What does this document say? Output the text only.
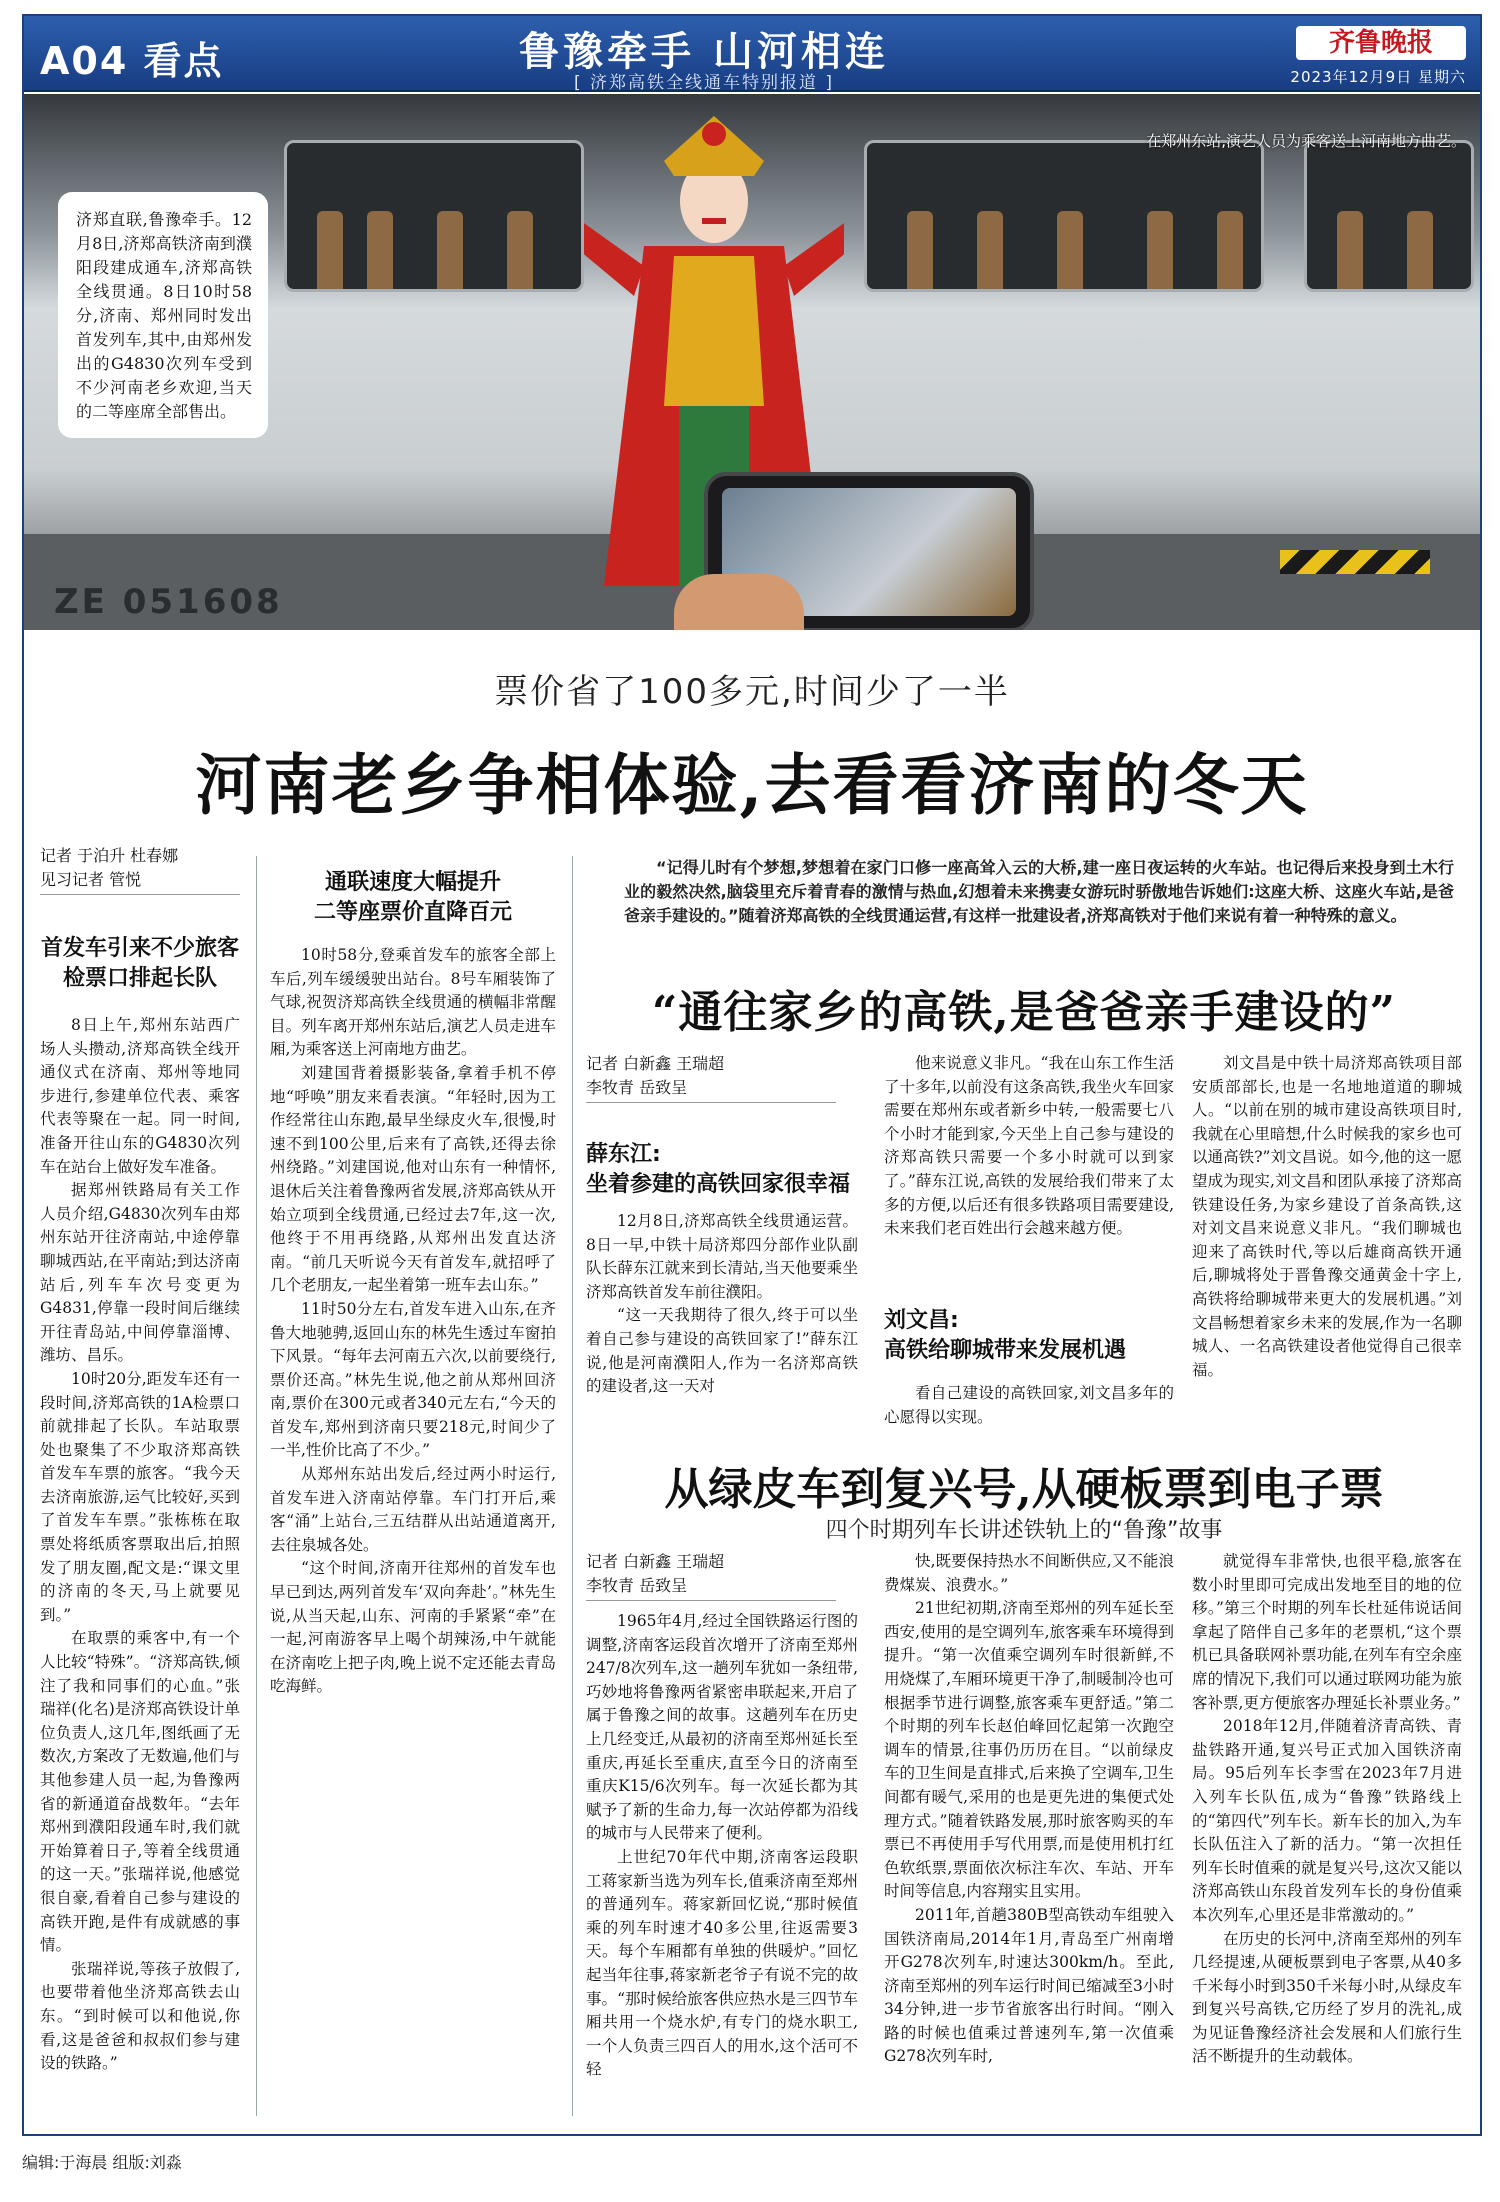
A04 看点	鲁豫牵手 山河相连
[ 济郑高铁全线通车特别报道 ]
齐鲁晚报
2023年12月9日 星期六
ZE 051608
在郑州东站,演艺人员为乘客送上河南地方曲艺。
济郑直联,鲁豫牵手。12月8日,济郑高铁济南到濮阳段建成通车,济郑高铁全线贯通。8日10时58分,济南、郑州同时发出首发列车,其中,由郑州发出的G4830次列车受到不少河南老乡欢迎,当天的二等座席全部售出。
票价省了100多元,时间少了一半
河南老乡争相体验,去看看济南的冬天
记者 于泊升 杜春娜
见习记者 管悦
首发车引来不少旅客
检票口排起长队

8日上午,郑州东站西广场人头攒动,济郑高铁全线开通仪式在济南、郑州等地同步进行,参建单位代表、乘客代表等聚在一起。同一时间,准备开往山东的G4830次列车在站台上做好发车准备。

据郑州铁路局有关工作人员介绍,G4830次列车由郑州东站开往济南站,中途停靠聊城西站,在平南站;到达济南站后,列车车次号变更为G4831,停靠一段时间后继续开往青岛站,中间停靠淄博、潍坊、昌乐。

10时20分,距发车还有一段时间,济郑高铁的1A检票口前就排起了长队。车站取票处也聚集了不少取济郑高铁首发车车票的旅客。“我今天去济南旅游,运气比较好,买到了首发车车票。”张栋栋在取票处将纸质客票取出后,拍照发了朋友圈,配文是:“课文里的济南的冬天,马上就要见到。”

在取票的乘客中,有一个人比较“特殊”。“济郑高铁,倾注了我和同事们的心血。”张瑞祥(化名)是济郑高铁设计单位负责人,这几年,图纸画了无数次,方案改了无数遍,他们与其他参建人员一起,为鲁豫两省的新通道奋战数年。“去年郑州到濮阳段通车时,我们就开始算着日子,等着全线贯通的这一天。”张瑞祥说,他感觉很自豪,看着自己参与建设的高铁开跑,是件有成就感的事情。

张瑞祥说,等孩子放假了,也要带着他坐济郑高铁去山东。“到时候可以和他说,你看,这是爸爸和叔叔们参与建设的铁路。”

通联速度大幅提升
二等座票价直降百元

10时58分,登乘首发车的旅客全部上车后,列车缓缓驶出站台。8号车厢装饰了气球,祝贺济郑高铁全线贯通的横幅非常醒目。列车离开郑州东站后,演艺人员走进车厢,为乘客送上河南地方曲艺。

刘建国背着摄影装备,拿着手机不停地“呼唤”朋友来看表演。“年轻时,因为工作经常往山东跑,最早坐绿皮火车,很慢,时速不到100公里,后来有了高铁,还得去徐州绕路。”刘建国说,他对山东有一种情怀,退休后关注着鲁豫两省发展,济郑高铁从开始立项到全线贯通,已经过去7年,这一次,他终于不用再绕路,从郑州出发直达济南。“前几天听说今天有首发车,就招呼了几个老朋友,一起坐着第一班车去山东。”

11时50分左右,首发车进入山东,在齐鲁大地驰骋,返回山东的林先生透过车窗拍下风景。“每年去河南五六次,以前要绕行,票价还高。”林先生说,他之前从郑州回济南,票价在300元或者340元左右,“今天的首发车,郑州到济南只要218元,时间少了一半,性价比高了不少。”

从郑州东站出发后,经过两小时运行,首发车进入济南站停靠。车门打开后,乘客“涌”上站台,三五结群从出站通道离开,去往泉城各处。

“这个时间,济南开往郑州的首发车也早已到达,两列首发车‘双向奔赴’。”林先生说,从当天起,山东、河南的手紧紧“牵”在一起,河南游客早上喝个胡辣汤,中午就能在济南吃上把子肉,晚上说不定还能去青岛吃海鲜。

“记得儿时有个梦想,梦想着在家门口修一座高耸入云的大桥,建一座日夜运转的火车站。也记得后来投身到土木行业的毅然决然,脑袋里充斥着青春的激情与热血,幻想着未来携妻女游玩时骄傲地告诉她们:这座大桥、这座火车站,是爸爸亲手建设的。”随着济郑高铁的全线贯通运营,有这样一批建设者,济郑高铁对于他们来说有着一种特殊的意义。
“通往家乡的高铁,是爸爸亲手建设的”
记者 白新鑫 王瑞超
李牧青 岳致呈
薛东江:
坐着参建的高铁回家很幸福

12月8日,济郑高铁全线贯通运营。8日一早,中铁十局济郑四分部作业队副队长薛东江就来到长清站,当天他要乘坐济郑高铁首发车前往濮阳。

“这一天我期待了很久,终于可以坐着自己参与建设的高铁回家了!”薛东江说,他是河南濮阳人,作为一名济郑高铁的建设者,这一天对

他来说意义非凡。“我在山东工作生活了十多年,以前没有这条高铁,我坐火车回家需要在郑州东或者新乡中转,一般需要七八个小时才能到家,今天坐上自己参与建设的济郑高铁只需要一个多小时就可以到家了。”薛东江说,高铁的发展给我们带来了太多的方便,以后还有很多铁路项目需要建设,未来我们老百姓出行会越来越方便。

刘文昌:
高铁给聊城带来发展机遇

看自己建设的高铁回家,刘文昌多年的心愿得以实现。

刘文昌是中铁十局济郑高铁项目部安质部部长,也是一名地地道道的聊城人。“以前在别的城市建设高铁项目时,我就在心里暗想,什么时候我的家乡也可以通高铁?”刘文昌说。如今,他的这一愿望成为现实,刘文昌和团队承接了济郑高铁建设任务,为家乡建设了首条高铁,这对刘文昌来说意义非凡。“我们聊城也迎来了高铁时代,等以后雄商高铁开通后,聊城将处于晋鲁豫交通黄金十字上,高铁将给聊城带来更大的发展机遇。”刘文昌畅想着家乡未来的发展,作为一名聊城人、一名高铁建设者他觉得自己很幸福。

从绿皮车到复兴号,从硬板票到电子票
四个时期列车长讲述铁轨上的“鲁豫”故事
记者 白新鑫 王瑞超
李牧青 岳致呈

1965年4月,经过全国铁路运行图的调整,济南客运段首次增开了济南至郑州247/8次列车,这一趟列车犹如一条纽带,巧妙地将鲁豫两省紧密串联起来,开启了属于鲁豫之间的故事。这趟列车在历史上几经变迁,从最初的济南至郑州延长至重庆,再延长至重庆,直至今日的济南至重庆K15/6次列车。每一次延长都为其赋予了新的生命力,每一次站停都为沿线的城市与人民带来了便利。

上世纪70年代中期,济南客运段职工蒋家新当选为列车长,值乘济南至郑州的普通列车。蒋家新回忆说,“那时候值乘的列车时速才40多公里,往返需要3天。每个车厢都有单独的供暖炉。”回忆起当年往事,蒋家新老爷子有说不完的故事。“那时候给旅客供应热水是三四节车厢共用一个烧水炉,有专门的烧水职工,一个人负责三四百人的用水,这个活可不轻

快,既要保持热水不间断供应,又不能浪费煤炭、浪费水。”

21世纪初期,济南至郑州的列车延长至西安,使用的是空调列车,旅客乘车环境得到提升。“第一次值乘空调列车时很新鲜,不用烧煤了,车厢环境更干净了,制暖制冷也可根据季节进行调整,旅客乘车更舒适。”第二个时期的列车长赵伯峰回忆起第一次跑空调车的情景,往事仍历历在目。“以前绿皮车的卫生间是直排式,后来换了空调车,卫生间都有暖气,采用的也是更先进的集便式处理方式。”随着铁路发展,那时旅客购买的车票已不再使用手写代用票,而是使用机打红色软纸票,票面依次标注车次、车站、开车时间等信息,内容翔实且实用。

2011年,首趟380B型高铁动车组驶入国铁济南局,2014年1月,青岛至广州南增开G278次列车,时速达300km/h。至此,济南至郑州的列车运行时间已缩减至3小时34分钟,进一步节省旅客出行时间。“刚入路的时候也值乘过普速列车,第一次值乘G278次列车时,

就觉得车非常快,也很平稳,旅客在数小时里即可完成出发地至目的地的位移。”第三个时期的列车长杜延伟说话间拿起了陪伴自己多年的老票机,“这个票机已具备联网补票功能,在列车有空余座席的情况下,我们可以通过联网功能为旅客补票,更方便旅客办理延长补票业务。”

2018年12月,伴随着济青高铁、青盐铁路开通,复兴号正式加入国铁济南局。95后列车长李雪在2023年7月进入列车长队伍,成为“鲁豫”铁路线上的“第四代”列车长。新车长的加入,为车长队伍注入了新的活力。“第一次担任列车长时值乘的就是复兴号,这次又能以济郑高铁山东段首发列车长的身份值乘本次列车,心里还是非常激动的。”

在历史的长河中,济南至郑州的列车几经提速,从硬板票到电子客票,从40多千米每小时到350千米每小时,从绿皮车到复兴号高铁,它历经了岁月的洗礼,成为见证鲁豫经济社会发展和人们旅行生活不断提升的生动载体。

编辑:于海晨 组版:刘淼
